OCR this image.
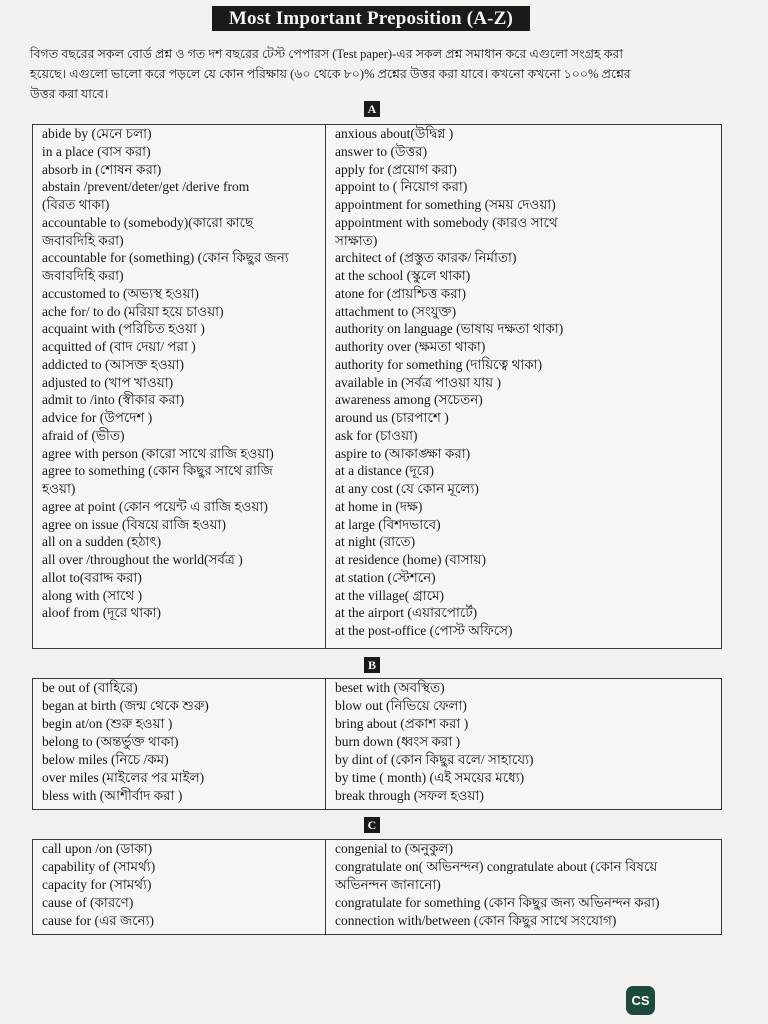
Most Important Preposition (A-Z)
বিগত বছরের সকল বোর্ড প্রশ্ন ও গত দশ বছরের টেস্ট পেপারস (Test paper)-এর সকল প্রশ্ন সমাধান করে এগুলো সংগ্রহ করা
হয়েছে। এগুলো ভালো করে পড়লে যে কোন পরিক্ষায় (৬০ থেকে ৮০)% প্রশ্নের উত্তর করা যাবে। কখনো কখনো ১০০% প্রশ্নের
উত্তর করা যাবে।
A
abide by (মেনে চলা)
in a place (বাস করা)
absorb in (শোষন করা)
abstain /prevent/deter/get /derive from
(বিরত থাকা)
accountable to (somebody)(কারো কাছে
জবাবদিহি করা)
accountable for (something) (কোন কিছুর জন্য
জবাবদিহি করা)
accustomed to (অভ্যস্থ হওয়া)
ache for/ to do (মরিয়া হয়ে চাওয়া)
acquaint with (পরিচিত হওয়া )
acquitted of (বাদ দেয়া/ পরা )
addicted to (আসক্ত হওয়া)
adjusted to (খাপ খাওয়া)
admit to /into (স্বীকার করা)
advice for (উপদেশ )
afraid of (ভীত)
agree with person (কারো সাথে রাজি হওয়া)
agree to something (কোন কিছুর সাথে রাজি
হওয়া)
agree at point (কোন পয়েন্ট এ রাজি হওয়া)
agree on issue (বিষয়ে রাজি হওয়া)
all on a sudden (হঠাৎ)
all over /throughout the world(সর্বত্র )
allot to(বরাদ্দ করা)
along with (সাথে )
aloof from (দূরে থাকা)
anxious about(উদ্বিগ্ন )
answer to (উত্তর)
apply for (প্রয়োগ করা)
appoint to ( নিয়োগ করা)
appointment for something (সময় দেওয়া)
appointment with somebody (কারও সাথে
সাক্ষাত)
architect of (প্রস্তুত কারক/ নির্মাতা)
at the school (স্কুলে থাকা)
atone for (প্রায়শ্চিত্ত করা)
attachment to (সংযুক্ত)
authority on language (ভাষায় দক্ষতা থাকা)
authority over (ক্ষমতা থাকা)
authority for something (দায়িত্বে থাকা)
available in (সর্বত্র পাওয়া যায় )
awareness among (সচেতন)
around us (চারপাশে )
ask for (চাওয়া)
aspire to (আকাঙ্ক্ষা করা)
at a distance (দূরে)
at any cost (যে কোন মূল্যে)
at home in (দক্ষ)
at large (বিশদভাবে)
at night (রাতে)
at residence (home) (বাসায়)
at station (স্টেশনে)
at the village( গ্রামে)
at the airport (এয়ারপোর্টে)
at the post-office (পোস্ট অফিসে)
B
be out of (বাহিরে)
began at birth (জন্ম থেকে শুরু)
begin at/on (শুরু হওয়া )
belong to (অন্তর্ভুক্ত থাকা)
below miles (নিচে /কম)
over miles (মাইলের পর মাইল)
bless with (আশীর্বাদ করা )
beset with (অবস্থিত)
blow out (নিভিয়ে ফেলা)
bring about (প্রকাশ করা )
burn down (ধ্বংস করা )
by dint of (কোন কিছুর বলে/ সাহায্যে)
by time ( month) (এই সময়ের মধ্যে)
break through (সফল হওয়া)
C
call upon /on (ডাকা)
capability of (সামর্থ্য)
capacity for (সামর্থ্য)
cause of (কারণে)
cause for (এর জন্যে)
congenial to (অনুকুল)
congratulate on( অভিনন্দন) congratulate about (কোন বিষয়ে
অভিনন্দন জানানো)
congratulate for something (কোন কিছুর জন্য অভিনন্দন করা)
connection with/between (কোন কিছুর সাথে সংযোগ)
CS
